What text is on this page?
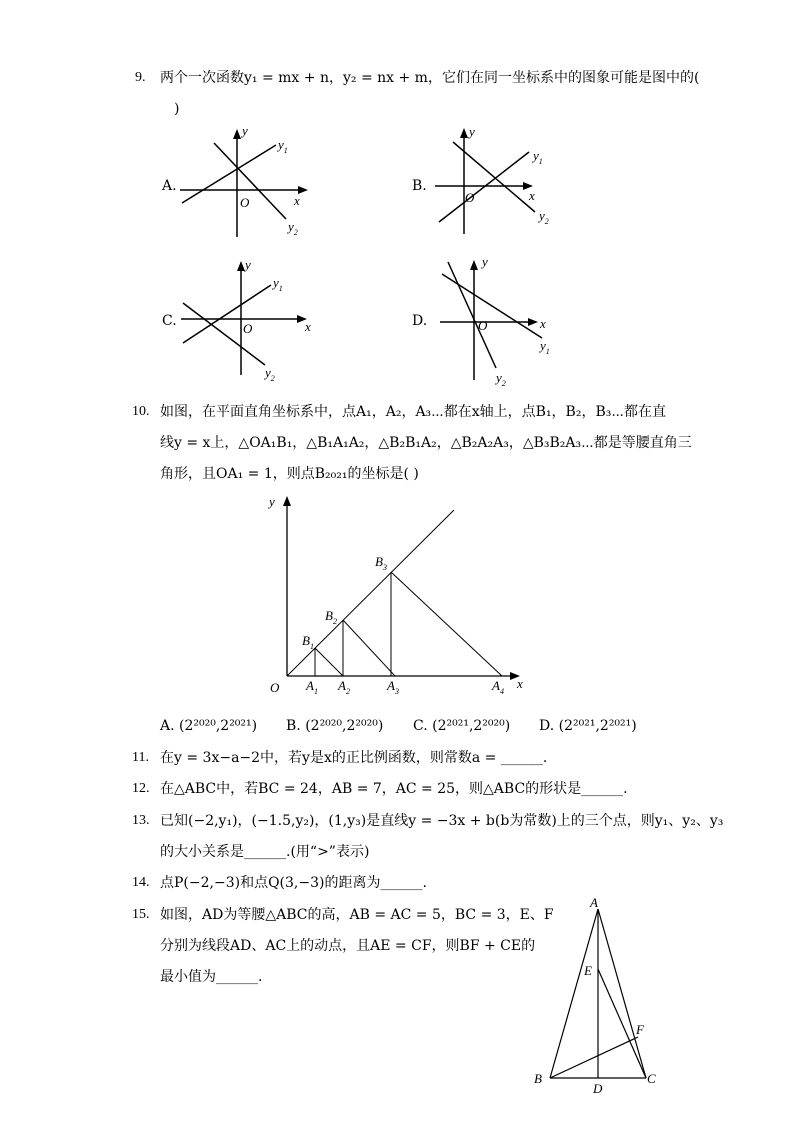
9. 两个一次函数y₁ = mx + n，y₂ = nx + m，它们在同一坐标系中的图象可能是图中的(
)
A.
y
x
O
$y_1$
$y_2$
B.
y
x
O
$y_1$
$y_2$
C.
y
x
O
$y_1$
$y_2$
D.
y
x
O
$y_1$
$y_2$
10. 如图，在平面直角坐标系中，点A₁，A₂，A₃⋯都在x轴上，点B₁，B₂，B₃⋯都在直
线y = x上，△OA₁B₁，△B₁A₁A₂，△B₂B₁A₂，△B₂A₂A₃，△B₃B₂A₃⋯都是等腰直角三
角形，且OA₁ = 1，则点B₂₀₂₁的坐标是( )
y
x
O $A_1$ $A_2$	$A_3$	$A_4$
$B_1$
$B_2$
$B_3$
A. (2²⁰²⁰,2²⁰²¹) B. (2²⁰²⁰,2²⁰²⁰) C. (2²⁰²¹,2²⁰²⁰) D. (2²⁰²¹,2²⁰²¹)
11. 在y = 3x−a−2中，若y是x的正比例函数，则常数a = ______.
12. 在△ABC中，若BC = 24，AB = 7，AC = 25，则△ABC的形状是______.
13. 已知(−2,y₁)，(−1.5,y₂)，(1,y₃)是直线y = −3x + b(b为常数)上的三个点，则y₁、y₂、y₃
的大小关系是______.(用“>”表示)
14. 点P(−2,−3)和点Q(3,−3)的距离为______.
15. 如图，AD为等腰△ABC的高，AB = AC = 5，BC = 3，E、F
分别为线段AD、AC上的动点，且AE = CF，则BF + CE的
最小值为______.
A
B	C
D
E
F
